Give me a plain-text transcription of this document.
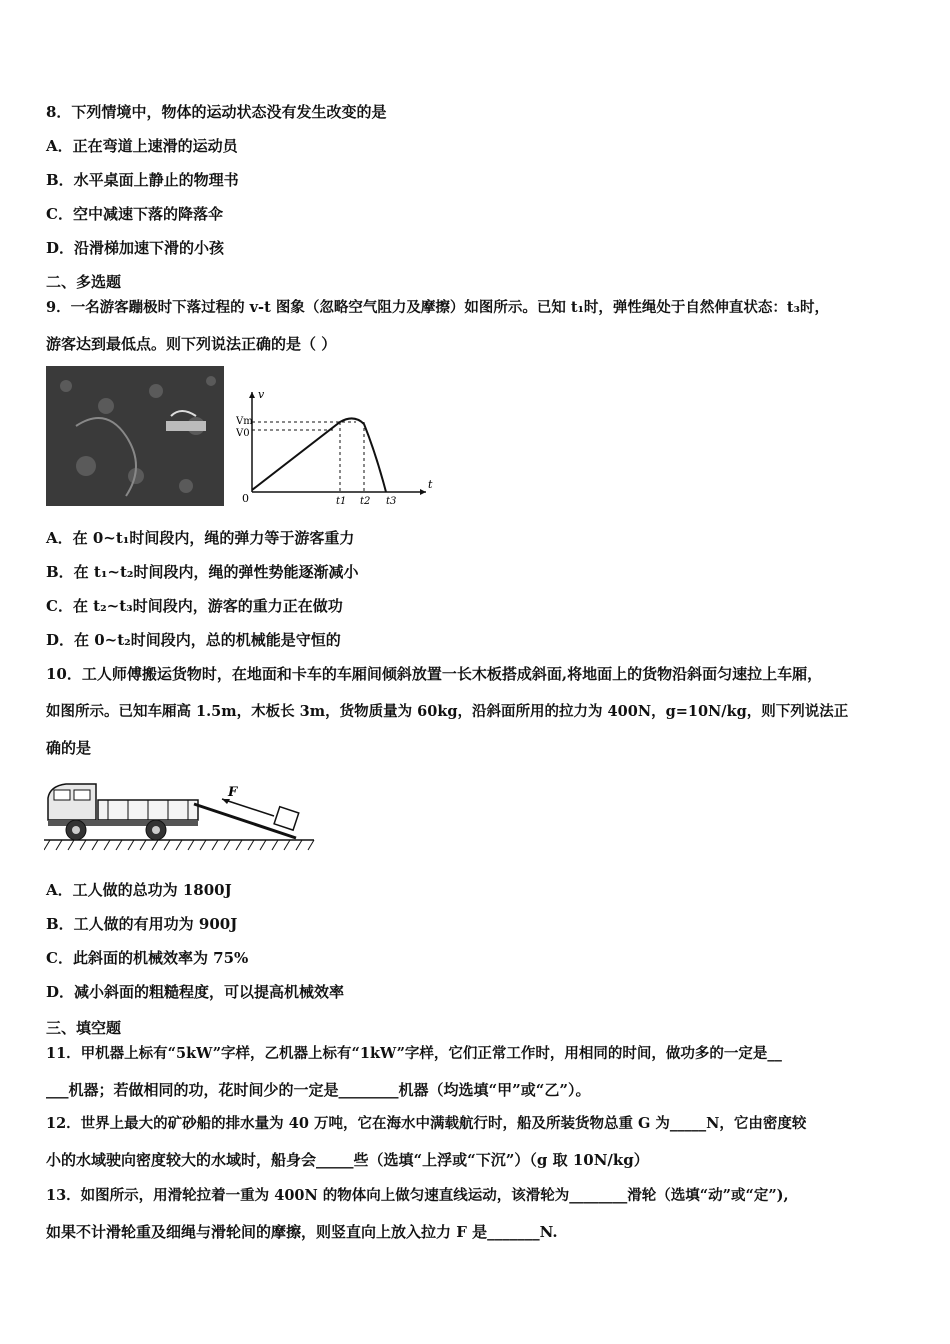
8．下列情境中，物体的运动状态没有发生改变的是
A．正在弯道上速滑的运动员
B．水平桌面上静止的物理书
C．空中减速下落的降落伞
D．沿滑梯加速下滑的小孩
二、多选题
9．一名游客蹦极时下落过程的 v-t 图象（忽略空气阻力及摩擦）如图所示。已知 t₁时，弹性绳处于自然伸直状态：t₃时，
游客达到最低点。则下列说法正确的是（ ）
v
t
0
Vm
V0
t1 t2 t3
A．在 0~t₁时间段内，绳的弹力等于游客重力
B．在 t₁~t₂时间段内，绳的弹性势能逐渐减小
C．在 t₂~t₃时间段内，游客的重力正在做功
D．在 0~t₂时间段内，总的机械能是守恒的
10．工人师傅搬运货物时，在地面和卡车的车厢间倾斜放置一长木板搭成斜面,将地面上的货物沿斜面匀速拉上车厢，
如图所示。已知车厢高 1.5m，木板长 3m，货物质量为 60kg，沿斜面所用的拉力为 400N，g=10N/kg，则下列说法正
确的是
F
A．工人做的总功为 1800J
B．工人做的有用功为 900J
C．此斜面的机械效率为 75%
D．减小斜面的粗糙程度，可以提高机械效率
三、填空题
11．甲机器上标有“5kW”字样，乙机器上标有“1kW”字样，它们正常工作时，用相同的时间，做功多的一定是__
___机器；若做相同的功，花时间少的一定是________机器（均选填“甲”或“乙”）。
12．世界上最大的矿砂船的排水量为 40 万吨，它在海水中满载航行时，船及所装货物总重 G 为_____N，它由密度较
小的水域驶向密度较大的水域时，船身会_____些（选填“上浮或“下沉”）（g 取 10N/kg）
13．如图所示，用滑轮拉着一重为 400N 的物体向上做匀速直线运动，该滑轮为________滑轮（选填“动”或“定”),
如果不计滑轮重及细绳与滑轮间的摩擦，则竖直向上放入拉力 F 是_______N.
